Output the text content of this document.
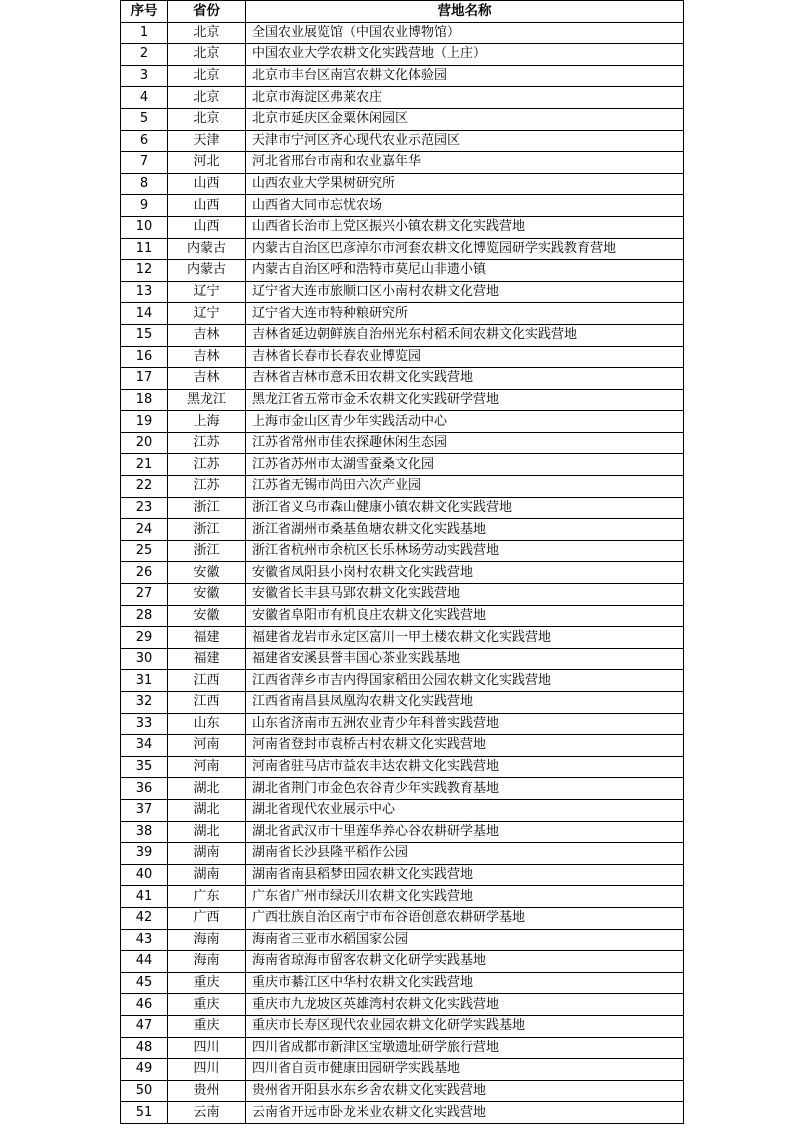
序号	省份	营地名称
1	北京	全国农业展览馆（中国农业博物馆）
2	北京	中国农业大学农耕文化实践营地（上庄）
3	北京	北京市丰台区南宫农耕文化体验园
4	北京	北京市海淀区弗莱农庄
5	北京	北京市延庆区金粟休闲园区
6	天津	天津市宁河区齐心现代农业示范园区
7	河北	河北省邢台市南和农业嘉年华
8	山西	山西农业大学果树研究所
9	山西	山西省大同市忘忧农场
10	山西	山西省长治市上党区振兴小镇农耕文化实践营地
11	内蒙古	内蒙古自治区巴彦淖尔市河套农耕文化博览园研学实践教育营地
12	内蒙古	内蒙古自治区呼和浩特市莫尼山非遗小镇
13	辽宁	辽宁省大连市旅顺口区小南村农耕文化营地
14	辽宁	辽宁省大连市特种粮研究所
15	吉林	吉林省延边朝鲜族自治州光东村稻禾间农耕文化实践营地
16	吉林	吉林省长春市长春农业博览园
17	吉林	吉林省吉林市意禾田农耕文化实践营地
18	黑龙江	黑龙江省五常市金禾农耕文化实践研学营地
19	上海	上海市金山区青少年实践活动中心
20	江苏	江苏省常州市佳农探趣休闲生态园
21	江苏	江苏省苏州市太湖雪蚕桑文化园
22	江苏	江苏省无锡市尚田六次产业园
23	浙江	浙江省义乌市森山健康小镇农耕文化实践营地
24	浙江	浙江省湖州市桑基鱼塘农耕文化实践基地
25	浙江	浙江省杭州市余杭区长乐林场劳动实践营地
26	安徽	安徽省凤阳县小岗村农耕文化实践营地
27	安徽	安徽省长丰县马郢农耕文化实践营地
28	安徽	安徽省阜阳市有机良庄农耕文化实践营地
29	福建	福建省龙岩市永定区富川一甲土楼农耕文化实践营地
30	福建	福建省安溪县誉丰国心茶业实践基地
31	江西	江西省萍乡市吉内得国家稻田公园农耕文化实践营地
32	江西	江西省南昌县凤凰沟农耕文化实践营地
33	山东	山东省济南市五洲农业青少年科普实践营地
34	河南	河南省登封市袁桥古村农耕文化实践营地
35	河南	河南省驻马店市益农丰达农耕文化实践营地
36	湖北	湖北省荆门市金色农谷青少年实践教育基地
37	湖北	湖北省现代农业展示中心
38	湖北	湖北省武汉市十里莲华养心谷农耕研学基地
39	湖南	湖南省长沙县隆平稻作公园
40	湖南	湖南省南县稻梦田园农耕文化实践营地
41	广东	广东省广州市绿沃川农耕文化实践营地
42	广西	广西壮族自治区南宁市布谷语创意农耕研学基地
43	海南	海南省三亚市水稻国家公园
44	海南	海南省琼海市留客农耕文化研学实践基地
45	重庆	重庆市綦江区中华村农耕文化实践营地
46	重庆	重庆市九龙坡区英雄湾村农耕文化实践营地
47	重庆	重庆市长寿区现代农业园农耕文化研学实践基地
48	四川	四川省成都市新津区宝墩遗址研学旅行营地
49	四川	四川省自贡市健康田园研学实践基地
50	贵州	贵州省开阳县水东乡舍农耕文化实践营地
51	云南	云南省开远市卧龙米业农耕文化实践营地
